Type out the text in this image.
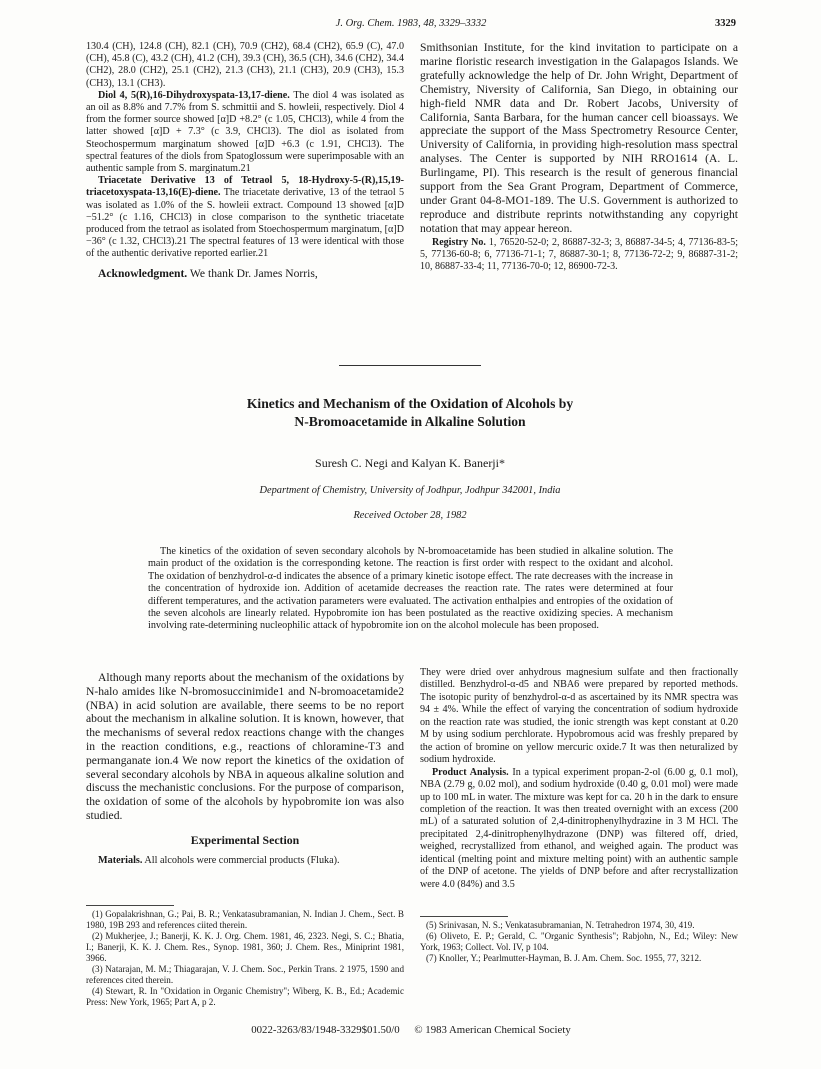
J. Org. Chem. 1983, 48, 3329–3332	3329

130.4 (CH), 124.8 (CH), 82.1 (CH), 70.9 (CH2), 68.4 (CH2), 65.9 (C), 47.0 (CH), 45.8 (C), 43.2 (CH), 41.2 (CH), 39.3 (CH), 36.5 (CH), 34.6 (CH2), 34.4 (CH2), 28.0 (CH2), 25.1 (CH2), 21.3 (CH3), 21.1 (CH3), 20.9 (CH3), 15.3 (CH3), 13.1 (CH3).

Diol 4, 5(R),16-Dihydroxyspata-13,17-diene. The diol 4 was isolated as an oil as 8.8% and 7.7% from S. schmittii and S. howleii, respectively. Diol 4 from the former source showed [α]D +8.2° (c 1.05, CHCl3), while 4 from the latter showed [α]D + 7.3° (c 3.9, CHCl3). The diol as isolated from Steochospermum marginatum showed [α]D +6.3 (c 1.91, CHCl3). The spectral features of the diols from Spatoglossum were superimposable with an authentic sample from S. marginatum.21

Triacetate Derivative 13 of Tetraol 5, 18-Hydroxy-5-(R),15,19-triacetoxyspata-13,16(E)-diene. The triacetate derivative, 13 of the tetraol 5 was isolated as 1.0% of the S. howleii extract. Compound 13 showed [α]D −51.2° (c 1.16, CHCl3) in close comparison to the synthetic triacetate produced from the tetraol as isolated from Stoechospermum marginatum, [α]D −36° (c 1.32, CHCl3).21 The spectral features of 13 were identical with those of the authentic derivative reported earlier.21

Acknowledgment. We thank Dr. James Norris,

Smithsonian Institute, for the kind invitation to participate on a marine floristic research investigation in the Galapagos Islands. We gratefully acknowledge the help of Dr. John Wright, Department of Chemistry, Niversity of California, San Diego, in obtaining our high-field NMR data and Dr. Robert Jacobs, University of California, Santa Barbara, for the human cancer cell bioassays. We appreciate the support of the Mass Spectrometry Resource Center, University of California, in providing high-resolution mass spectral analyses. The Center is supported by NIH RRO1614 (A. L. Burlingame, PI). This research is the result of generous financial support from the Sea Grant Program, Department of Commerce, under Grant 04-8-MO1-189. The U.S. Government is authorized to reproduce and distribute reprints notwithstanding any copyright notation that may appear hereon.

Registry No. 1, 76520-52-0; 2, 86887-32-3; 3, 86887-34-5; 4, 77136-83-5; 5, 77136-60-8; 6, 77136-71-1; 7, 86887-30-1; 8, 77136-72-2; 9, 86887-31-2; 10, 86887-33-4; 11, 77136-70-0; 12, 86900-72-3.

Kinetics and Mechanism of the Oxidation of Alcohols by
N-Bromoacetamide in Alkaline Solution
Suresh C. Negi and Kalyan K. Banerji*
Department of Chemistry, University of Jodhpur, Jodhpur 342001, India
Received October 28, 1982

The kinetics of the oxidation of seven secondary alcohols by N-bromoacetamide has been studied in alkaline solution. The main product of the oxidation is the corresponding ketone. The reaction is first order with respect to the oxidant and alcohol. The oxidation of benzhydrol-α-d indicates the absence of a primary kinetic isotope effect. The rate decreases with the increase in the concentration of hydroxide ion. Addition of acetamide decreases the reaction rate. The rates were determined at four different temperatures, and the activation parameters were evaluated. The activation enthalpies and entropies of the oxidation of the seven alcohols are linearly related. Hypobromite ion has been postulated as the reactive oxidizing species. A mechanism involving rate-determining nucleophilic attack of hypobromite ion on the alcohol molecule has been proposed.

Although many reports about the mechanism of the oxidations by N-halo amides like N-bromosuccinimide1 and N-bromoacetamide2 (NBA) in acid solution are available, there seems to be no report about the mechanism in alkaline solution. It is known, however, that the mechanisms of several redox reactions change with the changes in the reaction conditions, e.g., reactions of chloramine-T3 and permanganate ion.4 We now report the kinetics of the oxidation of several secondary alcohols by NBA in aqueous alkaline solution and discuss the mechanistic conclusions. For the purpose of comparison, the oxidation of some of the alcohols by hypobromite ion was also studied.

Experimental Section

Materials. All alcohols were commercial products (Fluka).

They were dried over anhydrous magnesium sulfate and then fractionally distilled. Benzhydrol-α-d5 and NBA6 were prepared by reported methods. The isotopic purity of benzhydrol-α-d as ascertained by its NMR spectra was 94 ± 4%. While the effect of varying the concentration of sodium hydroxide on the reaction rate was studied, the ionic strength was kept constant at 0.20 M by using sodium perchlorate. Hypobromous acid was freshly prepared by the action of bromine on yellow mercuric oxide.7 It was then neturalized by sodium hydroxide.

Product Analysis. In a typical experiment propan-2-ol (6.00 g, 0.1 mol), NBA (2.79 g, 0.02 mol), and sodium hydroxide (0.40 g, 0.01 mol) were made up to 100 mL in water. The mixture was kept for ca. 20 h in the dark to ensure completion of the reaction. It was then treated overnight with an excess (200 mL) of a saturated solution of 2,4-dinitrophenylhydrazine in 3 M HCl. The precipitated 2,4-dinitrophenylhydrazone (DNP) was filtered off, dried, weighed, recrystallized from ethanol, and weighed again. The product was identical (melting point and mixture melting point) with an authentic sample of the DNP of acetone. The yields of DNP before and after recrystallization were 4.0 (84%) and 3.5

(1) Gopalakrishnan, G.; Pai, B. R.; Venkatasubramanian, N. Indian J. Chem., Sect. B 1980, 19B 293 and references ciited therein.

(2) Mukherjee, J.; Banerji, K. K. J. Org. Chem. 1981, 46, 2323. Negi, S. C.; Bhatia, I.; Banerji, K. K. J. Chem. Res., Synop. 1981, 360; J. Chem. Res., Miniprint 1981, 3966.

(3) Natarajan, M. M.; Thiagarajan, V. J. Chem. Soc., Perkin Trans. 2 1975, 1590 and references cited therein.

(4) Stewart, R. In "Oxidation in Organic Chemistry"; Wiberg, K. B., Ed.; Academic Press: New York, 1965; Part A, p 2.

(5) Srinivasan, N. S.; Venkatasubramanian, N. Tetrahedron 1974, 30, 419.

(6) Oliveto, E. P.; Gerald, C. "Organic Synthesis"; Rabjohn, N., Ed.; Wiley: New York, 1963; Collect. Vol. IV, p 104.

(7) Knoller, Y.; Pearlmutter-Hayman, B. J. Am. Chem. Soc. 1955, 77, 3212.

0022-3263/83/1948-3329$01.50/0 © 1983 American Chemical Society
